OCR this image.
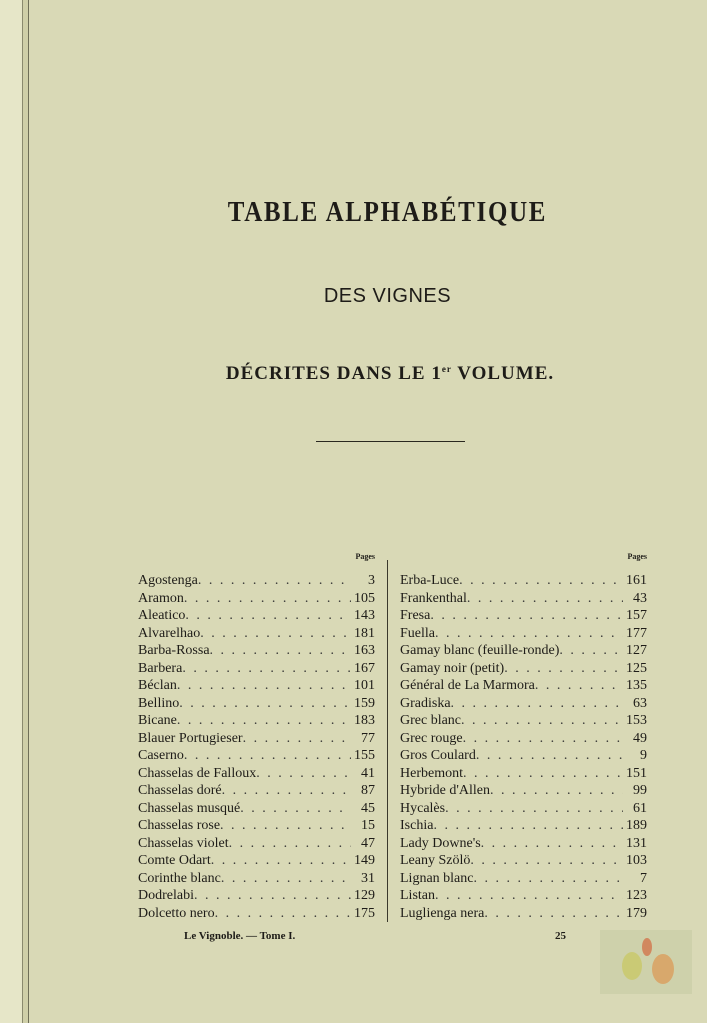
TABLE ALPHABÉTIQUE
DES VIGNES
DÉCRITES DANS LE 1er VOLUME.
Pages
Agostenga . . .	3
Aramon . . .	105
Aleatico . . .	143
Alvarelhao . . .	181
Barba-Rossa . . .	163
Barbera . . .	167
Béclan . . .	101
Bellino . . .	159
Bicane . . .	183
Blauer Portugieser . . .	77
Caserno . . .	155
Chasselas de Falloux . . .	41
Chasselas doré . . .	87
Chasselas musqué . . .	45
Chasselas rose . . .	15
Chasselas violet . . .	47
Comte Odart . . .	149
Corinthe blanc . . .	31
Dodrelabi . . .	129
Dolcetto nero . . .	175
Pages
Erba-Luce . . .	161
Frankenthal . . .	43
Fresa . . .	157
Fuella . . .	177
Gamay blanc (feuille-ronde) . . .	127
Gamay noir (petit) . . .	125
Général de La Marmora . . .	135
Gradiska . . .	63
Grec blanc . . .	153
Grec rouge . . .	49
Gros Coulard . . .	9
Herbemont . . .	151
Hybride d'Allen . . .	99
Hycalès . . .	61
Ischia . . .	189
Lady Downe's . . .	131
Leany Szölö . . .	103
Lignan blanc . . .	7
Listan . . .	123
Luglienga nera . . .	179
Le Vignoble. — Tome I.	25
